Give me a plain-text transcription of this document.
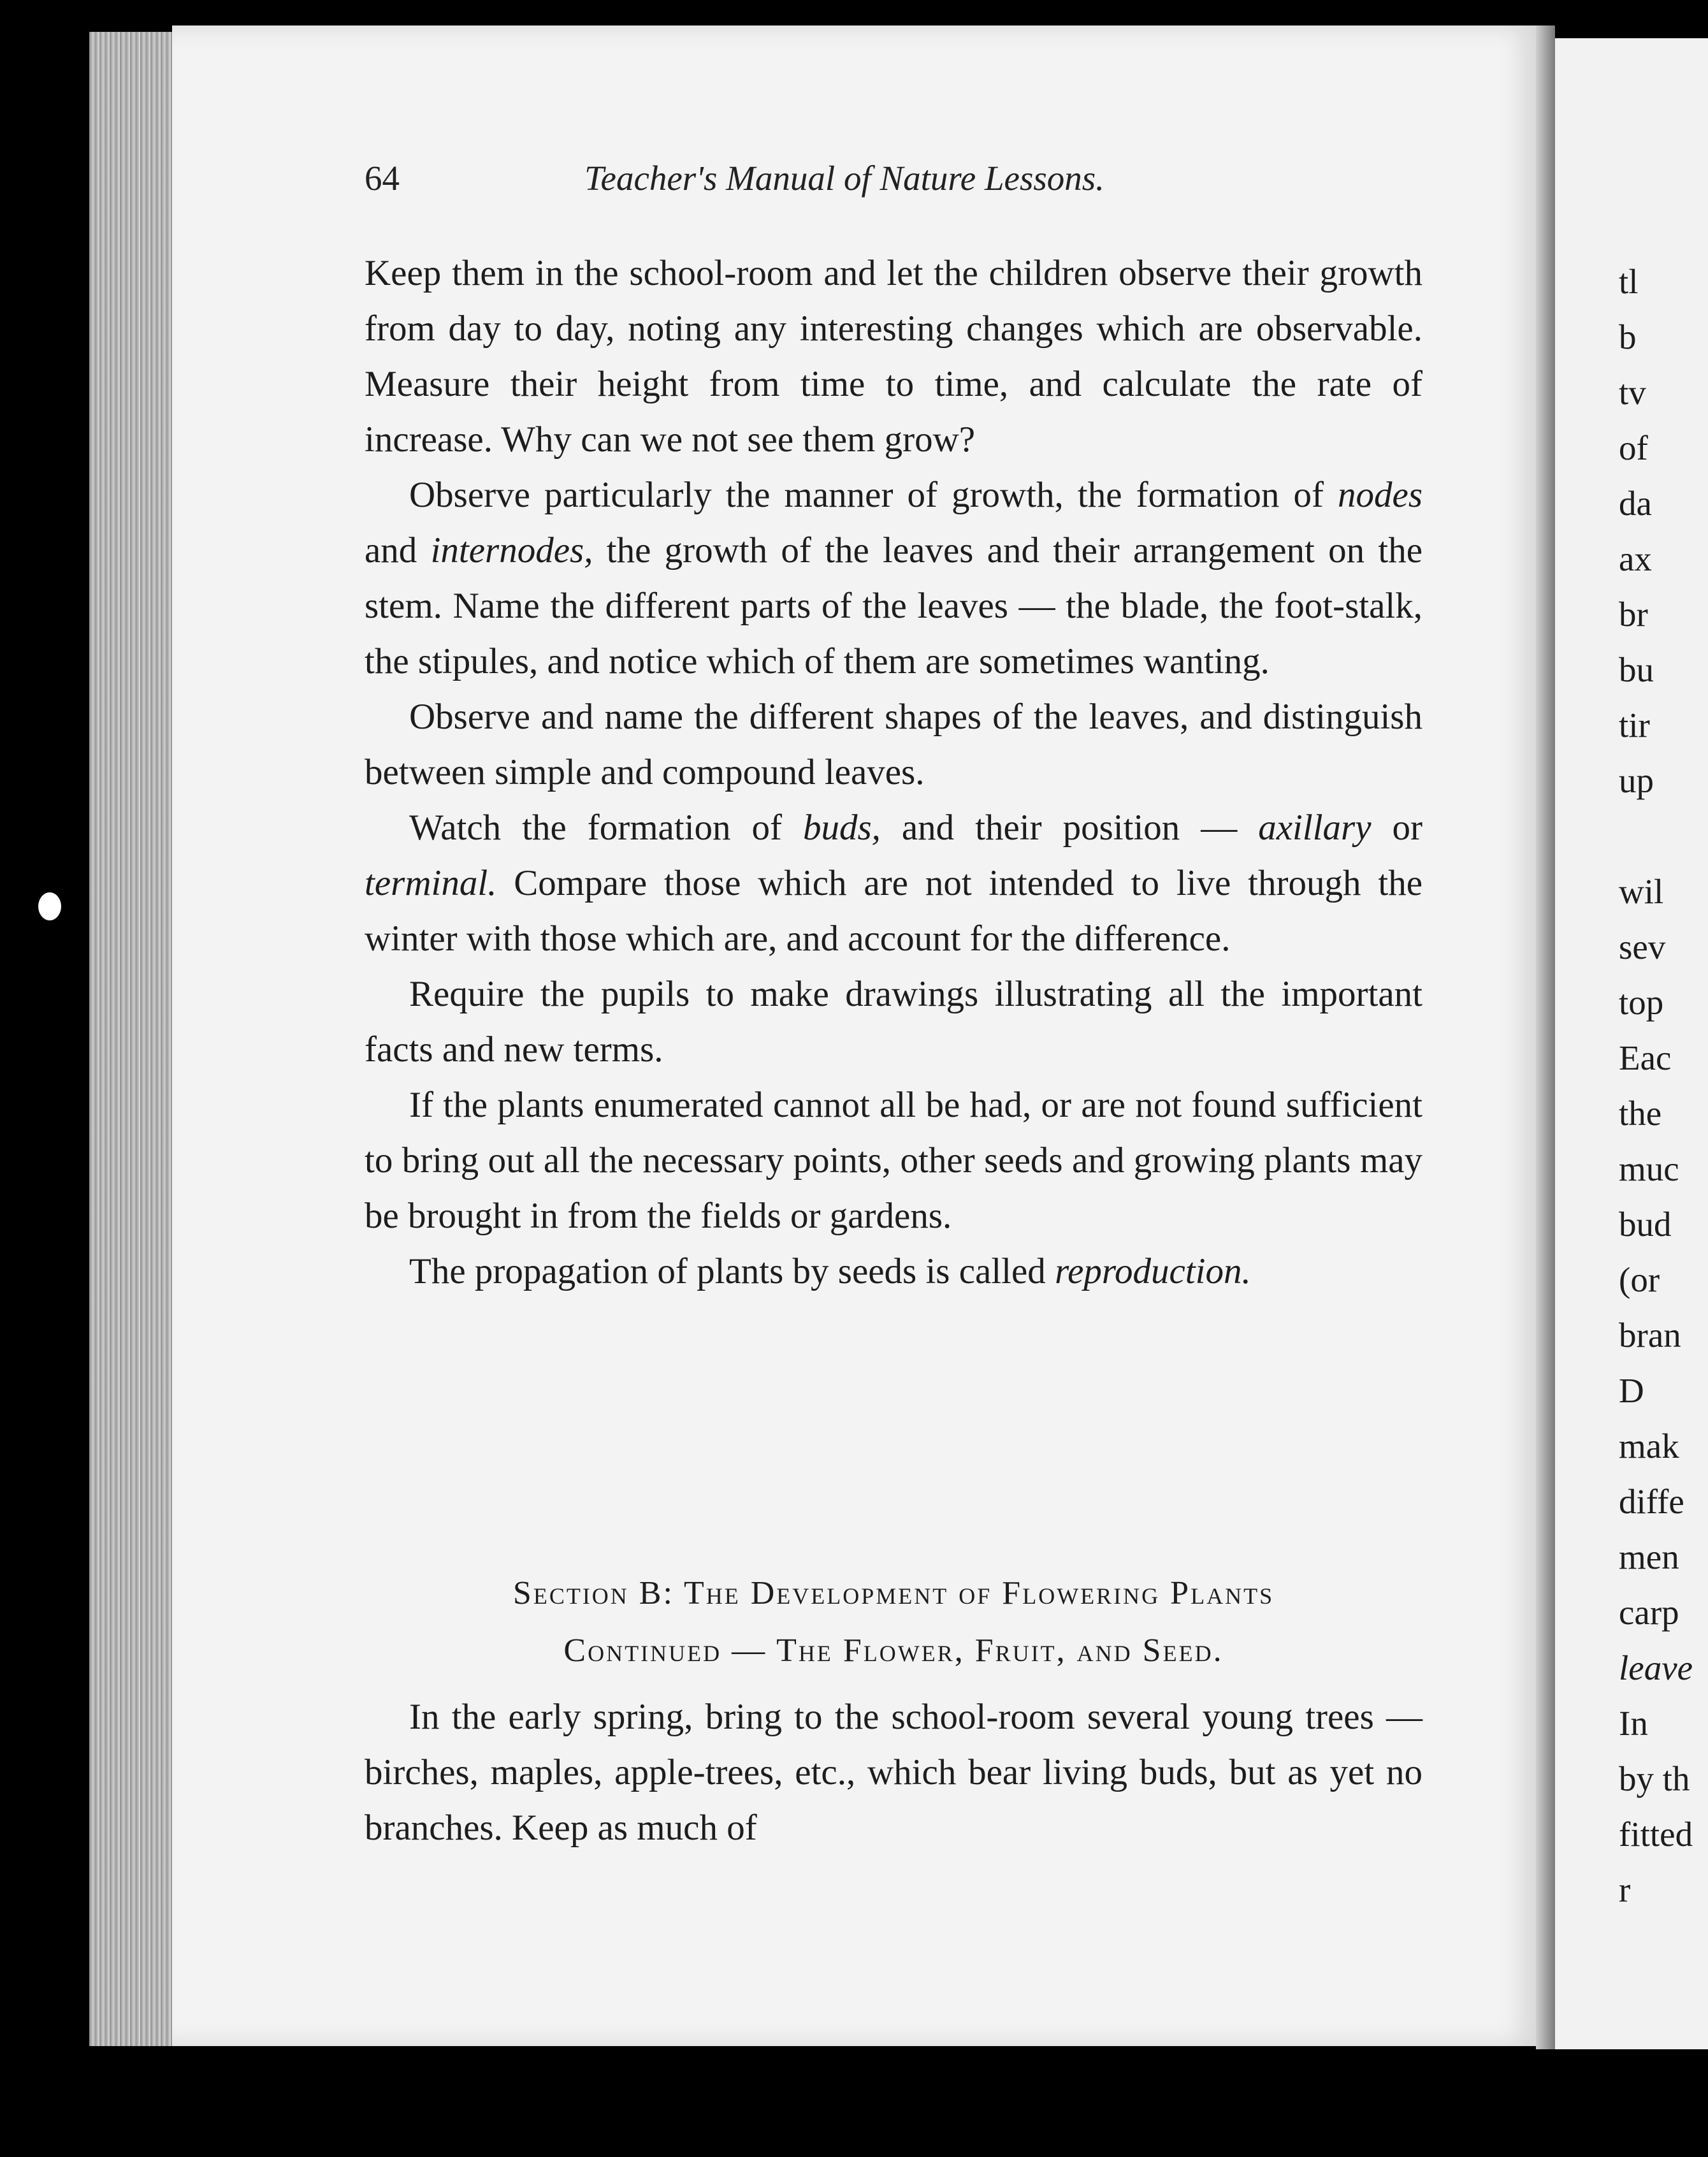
64	Teacher's Manual of Nature Lessons.

Keep them in the school-room and let the children observe their growth from day to day, noting any interesting changes which are observable. Measure their height from time to time, and calculate the rate of increase. Why can we not see them grow?

Observe particularly the manner of growth, the formation of nodes and internodes, the growth of the leaves and their arrangement on the stem. Name the different parts of the leaves — the blade, the foot-stalk, the stipules, and notice which of them are sometimes wanting.

Observe and name the different shapes of the leaves, and distinguish between simple and compound leaves.

Watch the formation of buds, and their position — axillary or terminal. Compare those which are not intended to live through the winter with those which are, and account for the difference.

Require the pupils to make drawings illustrating all the important facts and new terms.

If the plants enumerated cannot all be had, or are not found sufficient to bring out all the necessary points, other seeds and growing plants may be brought in from the fields or gardens.

The propagation of plants by seeds is called reproduction.

Section B: The Development of Flowering Plants
Continued — The Flower, Fruit, and Seed.

In the early spring, bring to the school-room several young trees — birches, maples, apple-trees, etc., which bear living buds, but as yet no branches. Keep as much of

tl
b
tv
of
da
ax
br
bu
tir
up
wil
sev
top
Eac
the
muc
bud
(or
bran
D
mak
diffe
men
carp
leave
In
by th
fitted
r
